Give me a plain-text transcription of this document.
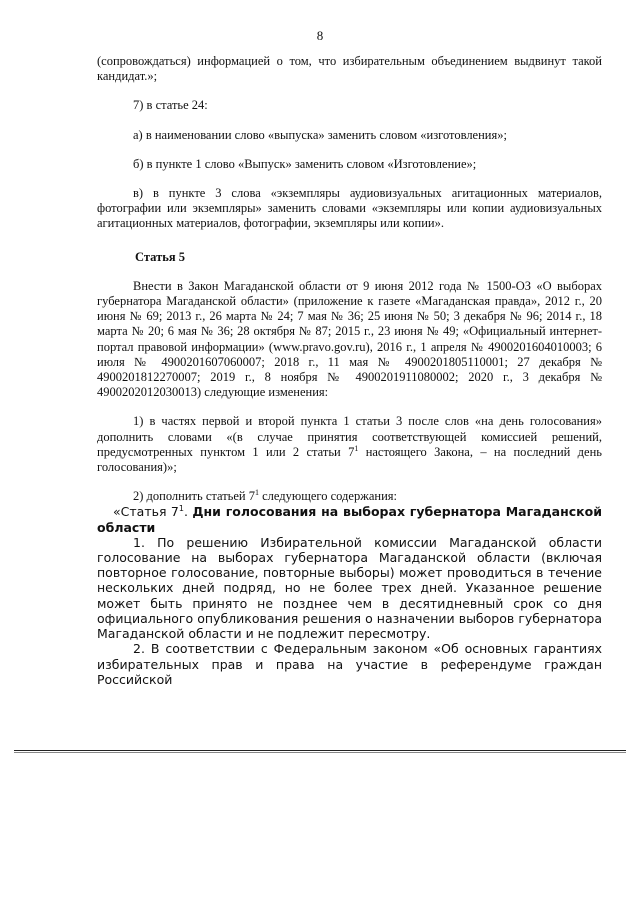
8

(сопровождаться) информацией о том, что избирательным объединением выдвинут такой кандидат.»;

7) в статье 24:

а) в наименовании слово «выпуска» заменить словом «изготовления»;

б) в пункте 1 слово «Выпуск» заменить словом «Изготовление»;

в) в пункте 3 слова «экземпляры аудиовизуальных агитационных материалов, фотографии или экземпляры» заменить словами «экземпляры или копии аудиовизуальных агитационных материалов, фотографии, экземпляры или копии».

Статья 5

Внести в Закон Магаданской области от 9 июня 2012 года № 1500-ОЗ «О выборах губернатора Магаданской области» (приложение к газете «Магаданская правда», 2012 г., 20 июня № 69; 2013 г., 26 марта № 24; 7 мая № 36; 25 июня № 50; 3 декабря № 96; 2014 г., 18 марта № 20; 6 мая № 36; 28 октября № 87; 2015 г., 23 июня № 49; «Официальный интернет-портал правовой информации» (www.pravo.gov.ru), 2016 г., 1 апреля № 4900201604010003; 6 июля № 4900201607060007; 2018 г., 11 мая № 4900201805110001; 27 декабря № 4900201812270007; 2019 г., 8 ноября № 4900201911080002; 2020 г., 3 декабря № 4900202012030013) следующие изменения:

1) в частях первой и второй пункта 1 статьи 3 после слов «на день голосования» дополнить словами «(в случае принятия соответствующей комиссией решений, предусмотренных пунктом 1 или 2 статьи $7^1$ настоящего Закона, – на последний день голосования)»;

2) дополнить статьей $7^1$ следующего содержания:

«Статья $7^1$. Дни голосования на выборах губернатора Магаданской области

1. По решению Избирательной комиссии Магаданской области голосование на выборах губернатора Магаданской области (включая повторное голосование, повторные выборы) может проводиться в течение нескольких дней подряд, но не более трех дней. Указанное решение может быть принято не позднее чем в десятидневный срок со дня официального опубликования решения о назначении выборов губернатора Магаданской области и не подлежит пересмотру.

2. В соответствии с Федеральным законом «Об основных гарантиях избирательных прав и права на участие в референдуме граждан Российской
